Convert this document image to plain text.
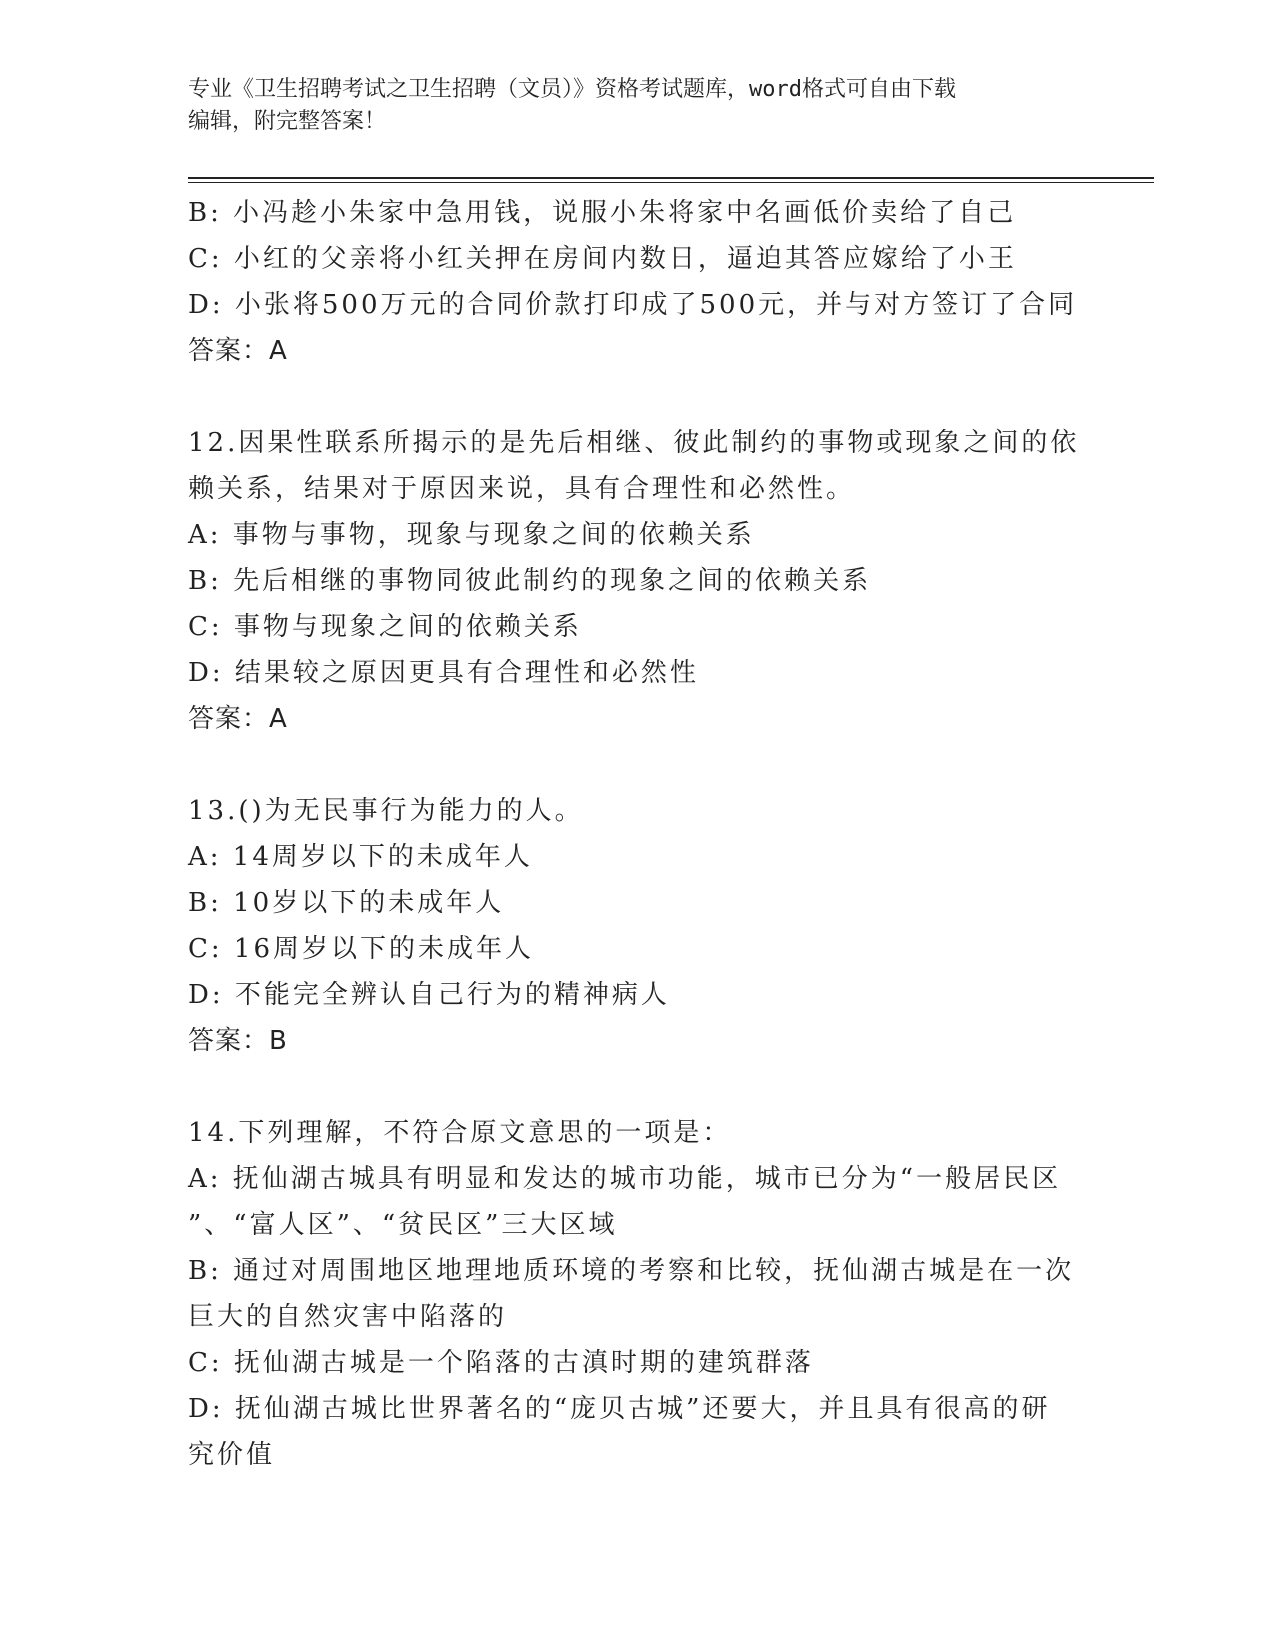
专业《卫生招聘考试之卫生招聘（文员）》资格考试题库，word格式可自由下载
编辑，附完整答案！
B: 小冯趁小朱家中急用钱，说服小朱将家中名画低价卖给了自己
C: 小红的父亲将小红关押在房间内数日，逼迫其答应嫁给了小王
D: 小张将500万元的合同价款打印成了500元，并与对方签订了合同
答案：A
12.因果性联系所揭示的是先后相继、彼此制约的事物或现象之间的依
赖关系，结果对于原因来说，具有合理性和必然性。
A: 事物与事物，现象与现象之间的依赖关系
B: 先后相继的事物同彼此制约的现象之间的依赖关系
C: 事物与现象之间的依赖关系
D: 结果较之原因更具有合理性和必然性
答案：A
13.()为无民事行为能力的人。
A: 14周岁以下的未成年人
B: 10岁以下的未成年人
C: 16周岁以下的未成年人
D: 不能完全辨认自己行为的精神病人
答案：B
14.下列理解，不符合原文意思的一项是：
A: 抚仙湖古城具有明显和发达的城市功能，城市已分为“一般居民区
”、“富人区”、“贫民区”三大区域
B: 通过对周围地区地理地质环境的考察和比较，抚仙湖古城是在一次
巨大的自然灾害中陷落的
C: 抚仙湖古城是一个陷落的古滇时期的建筑群落
D: 抚仙湖古城比世界著名的“庞贝古城”还要大，并且具有很高的研
究价值
